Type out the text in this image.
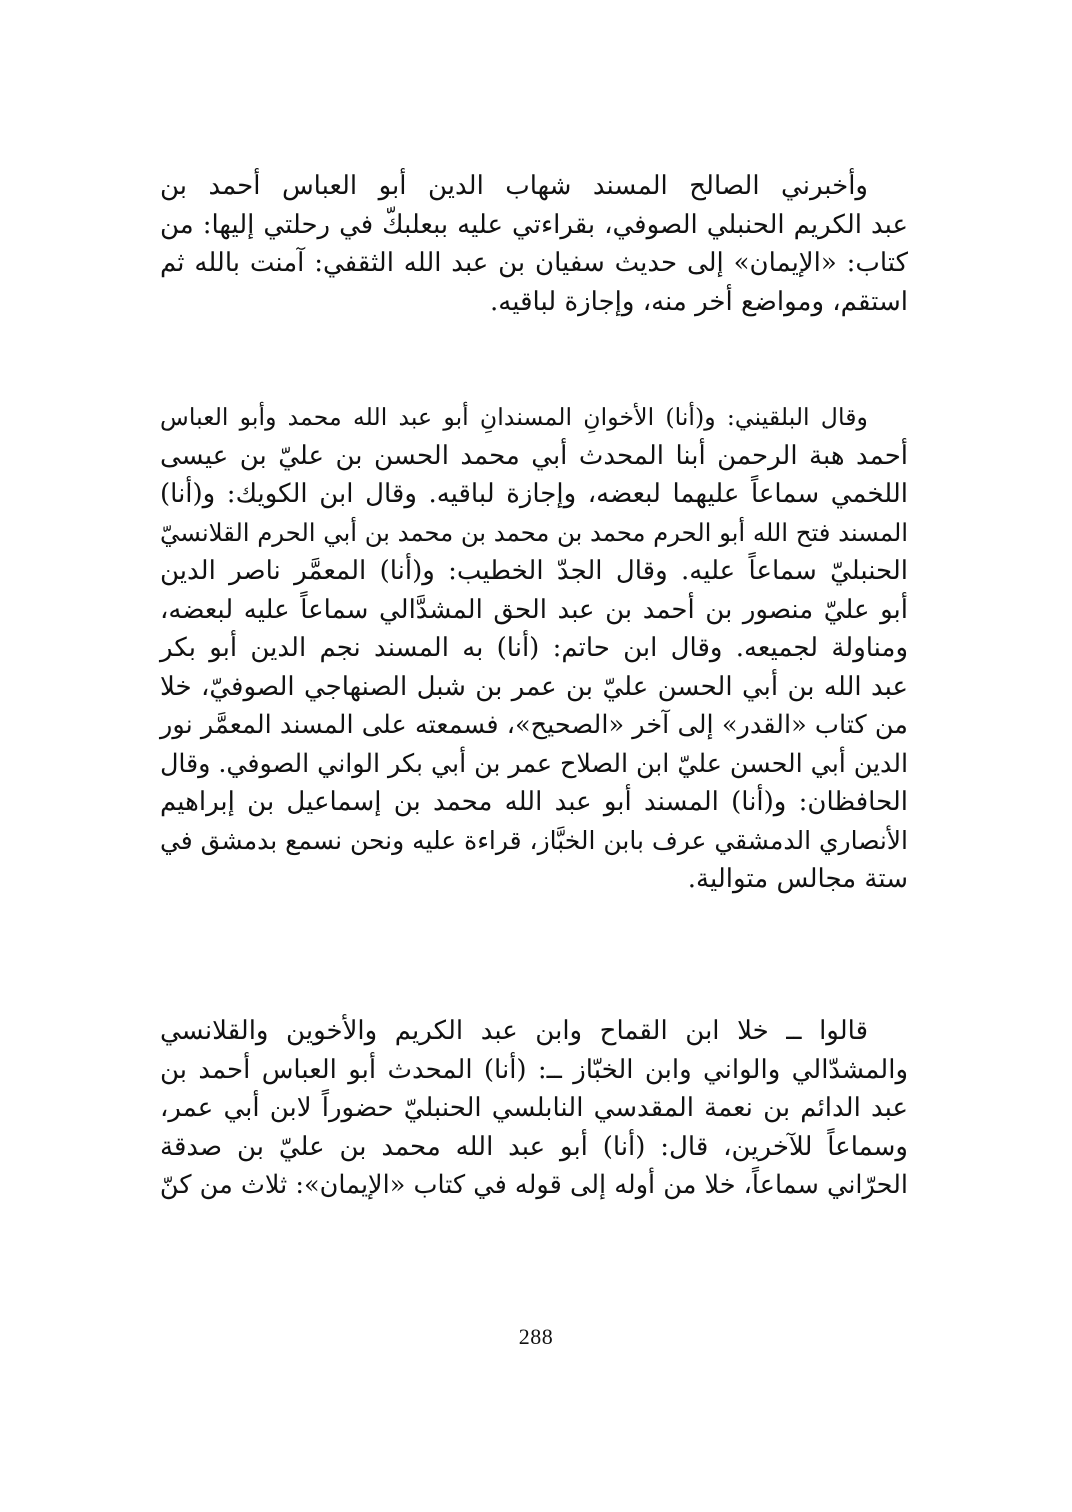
وأخبرني الصالح المسند شهاب الدين أبو العباس أحمد بن
عبد الكريم الحنبلي الصوفي، بقراءتي عليه ببعلبكّ في رحلتي إليها: من
كتاب: «الإيمان» إلى حديث سفيان بن عبد الله الثقفي: آمنت بالله ثم
استقم، ومواضع أخر منه، وإجازة لباقيه.
وقال البلقيني: و(أنا) الأخوانِ المسندانِ أبو عبد الله محمد وأبو العباس
أحمد هبة الرحمن أبنا المحدث أبي محمد الحسن بن عليّ بن عيسى
اللخمي سماعاً عليهما لبعضه، وإجازة لباقيه. وقال ابن الكويك: و(أنا)
المسند فتح الله أبو الحرم محمد بن محمد بن محمد بن أبي الحرم القلانسيّ
الحنبليّ سماعاً عليه. وقال الجدّ الخطيب: و(أنا) المعمَّر ناصر الدين
أبو عليّ منصور بن أحمد بن عبد الحق المشدَّالي سماعاً عليه لبعضه،
ومناولة لجميعه. وقال ابن حاتم: (أنا) به المسند نجم الدين أبو بكر
عبد الله بن أبي الحسن عليّ بن عمر بن شبل الصنهاجي الصوفيّ، خلا
من كتاب «القدر» إلى آخر «الصحيح»، فسمعته على المسند المعمَّر نور
الدين أبي الحسن عليّ ابن الصلاح عمر بن أبي بكر الواني الصوفي. وقال
الحافظان: و(أنا) المسند أبو عبد الله محمد بن إسماعيل بن إبراهيم
الأنصاري الدمشقي عرف بابن الخبَّاز، قراءة عليه ونحن نسمع بدمشق في
ستة مجالس متوالية.
قالوا ــ خلا ابن القماح وابن عبد الكريم والأخوين والقلانسي
والمشدّالي والواني وابن الخبّاز ــ: (أنا) المحدث أبو العباس أحمد بن
عبد الدائم بن نعمة المقدسي النابلسي الحنبليّ حضوراً لابن أبي عمر،
وسماعاً للآخرين، قال: (أنا) أبو عبد الله محمد بن عليّ بن صدقة
الحرّاني سماعاً، خلا من أوله إلى قوله في كتاب «الإيمان»: ثلاث من كنّ
288
